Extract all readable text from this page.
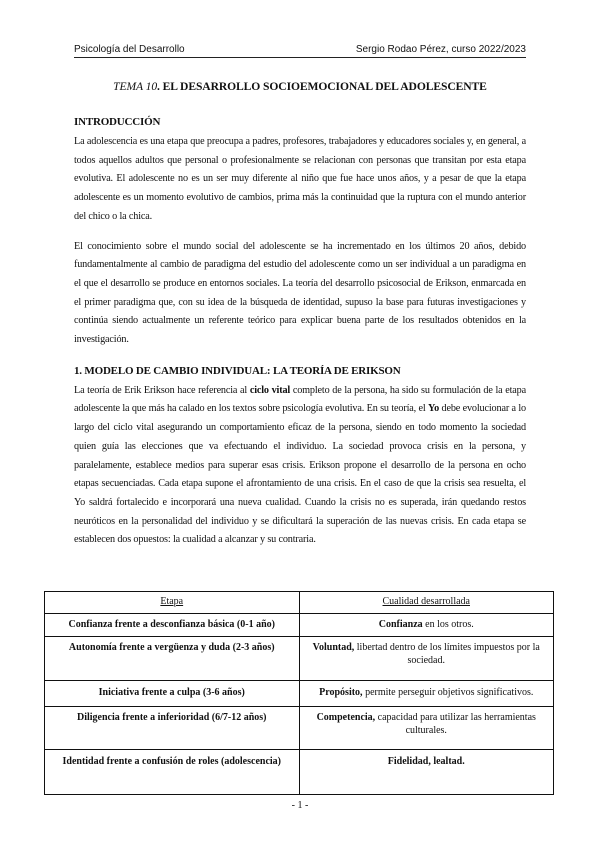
Psicología del Desarrollo	Sergio Rodao Pérez, curso 2022/2023
TEMA 10. EL DESARROLLO SOCIOEMOCIONAL DEL ADOLESCENTE
INTRODUCCIÓN

La adolescencia es una etapa que preocupa a padres, profesores, trabajadores y educadores sociales y, en general, a todos aquellos adultos que personal o profesionalmente se relacionan con personas que transitan por esta etapa evolutiva. El adolescente no es un ser muy diferente al niño que fue hace unos años, y a pesar de que la etapa adolescente es un momento evolutivo de cambios, prima más la continuidad que la ruptura con el mundo anterior del chico o la chica.

El conocimiento sobre el mundo social del adolescente se ha incrementado en los últimos 20 años, debido fundamentalmente al cambio de paradigma del estudio del adolescente como un ser individual a un paradigma en el que el desarrollo se produce en entornos sociales. La teoría del desarrollo psicosocial de Erikson, enmarcada en el primer paradigma que, con su idea de la búsqueda de identidad, supuso la base para futuras investigaciones y continúa siendo actualmente un referente teórico para explicar buena parte de los resultados obtenidos en la investigación.

1. MODELO DE CAMBIO INDIVIDUAL: LA TEORÍA DE ERIKSON

La teoría de Erik Erikson hace referencia al ciclo vital completo de la persona, ha sido su formulación de la etapa adolescente la que más ha calado en los textos sobre psicología evolutiva. En su teoría, el Yo debe evolucionar a lo largo del ciclo vital asegurando un comportamiento eficaz de la persona, siendo en todo momento la sociedad quien guía las elecciones que va efectuando el individuo. La sociedad provoca crisis en la persona, y paralelamente, establece medios para superar esas crisis. Erikson propone el desarrollo de la persona en ocho etapas secuenciadas. Cada etapa supone el afrontamiento de una crisis. En el caso de que la crisis sea resuelta, el Yo saldrá fortalecido e incorporará una nueva cualidad. Cuando la crisis no es superada, irán quedando restos neuróticos en la personalidad del individuo y se dificultará la superación de las nuevas crisis. En cada etapa se establecen dos opuestos: la cualidad a alcanzar y su contraria.

Etapa	Cualidad desarrollada
Confianza frente a desconfianza básica (0-1 año)	Confianza en los otros.
Autonomía frente a vergüenza y duda (2-3 años)	Voluntad, libertad dentro de los límites impuestos por la sociedad.
Iniciativa frente a culpa (3-6 años)	Propósito, permite perseguir objetivos significativos.
Diligencia frente a inferioridad (6/7-12 años)	Competencia, capacidad para utilizar las herramientas culturales.
Identidad frente a confusión de roles (adolescencia)	Fidelidad, lealtad.
- 1 -
